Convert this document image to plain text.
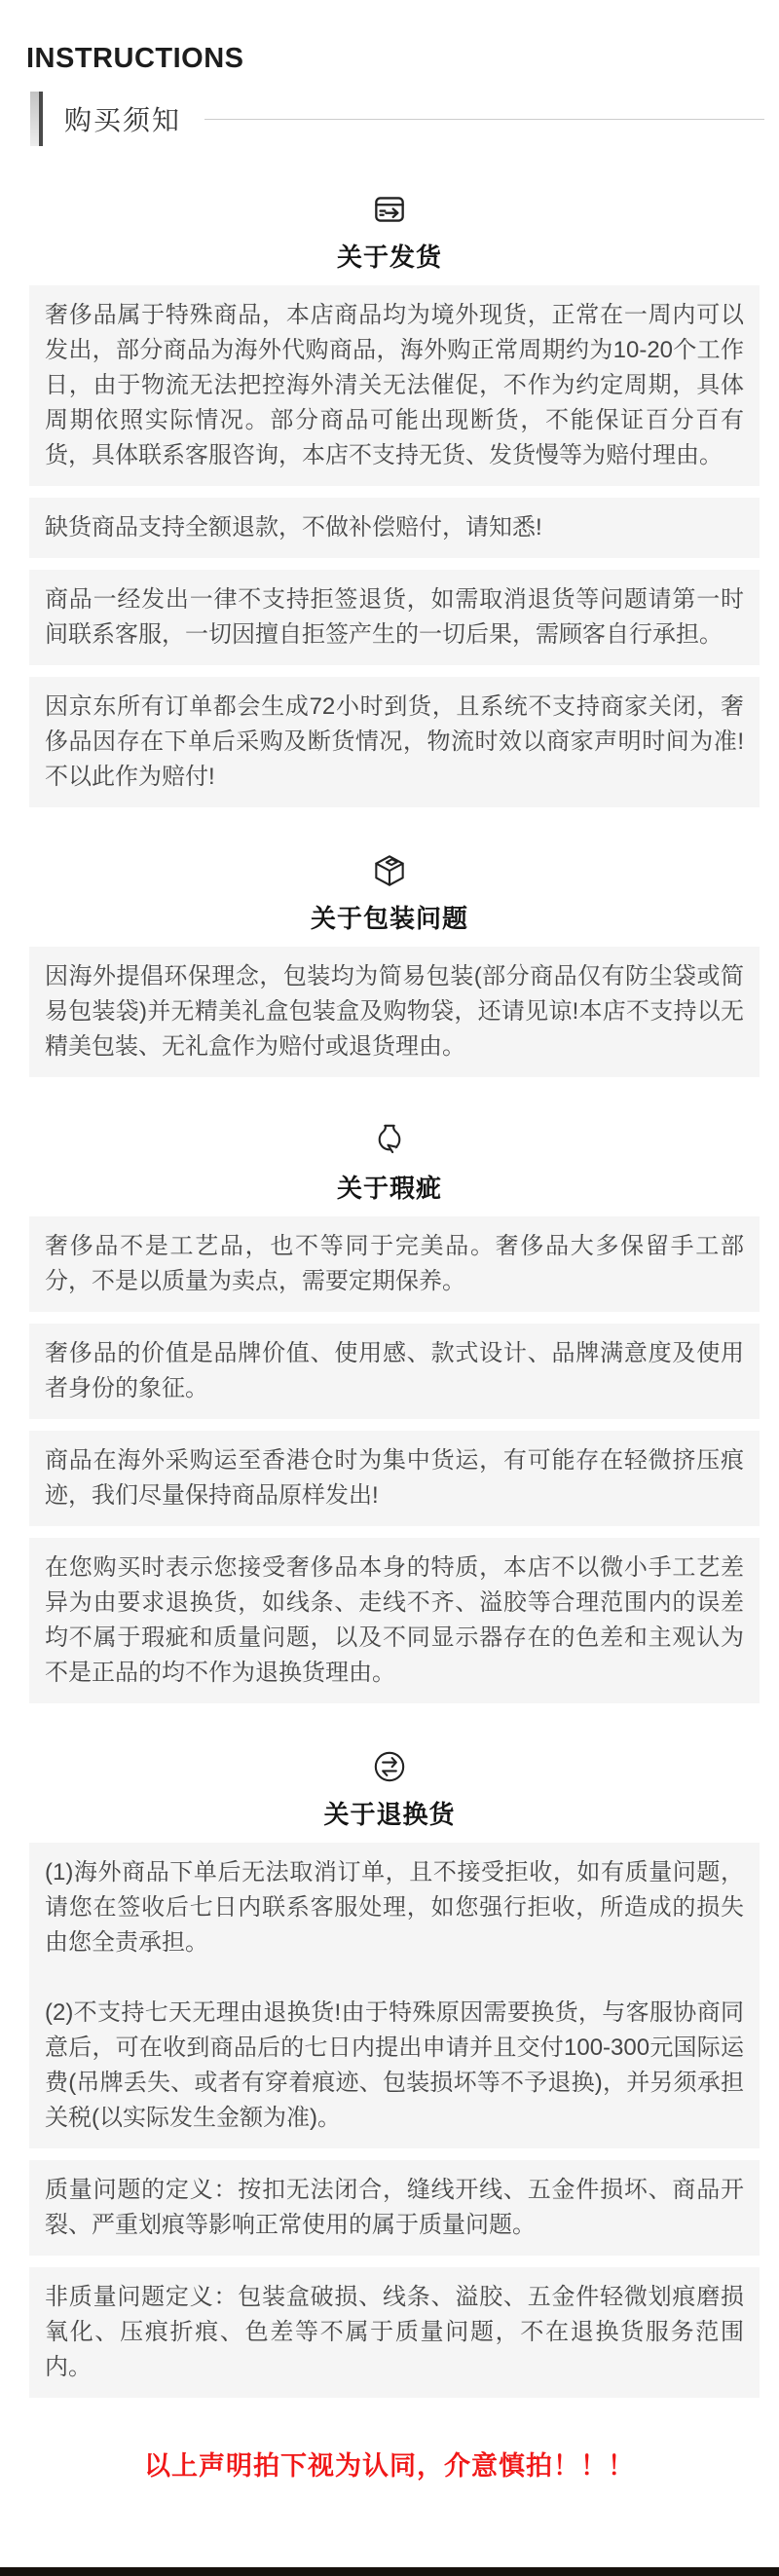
INSTRUCTIONS
购买须知
关于发货

奢侈品属于特殊商品，本店商品均为境外现货，正常在一周内可以发出，部分商品为海外代购商品，海外购正常周期约为10-20个工作日，由于物流无法把控海外清关无法催促，不作为约定周期，具体周期依照实际情况。部分商品可能出现断货，不能保证百分百有货，具体联系客服咨询，本店不支持无货、发货慢等为赔付理由。

缺货商品支持全额退款，不做补偿赔付，请知悉!

商品一经发出一律不支持拒签退货，如需取消退货等问题请第一时间联系客服，一切因擅自拒签产生的一切后果，需顾客自行承担。

因京东所有订单都会生成72小时到货，且系统不支持商家关闭，奢侈品因存在下单后采购及断货情况，物流时效以商家声明时间为准!不以此作为赔付!

关于包装问题

因海外提倡环保理念，包装均为简易包装(部分商品仅有防尘袋或简易包装袋)并无精美礼盒包装盒及购物袋，还请见谅!本店不支持以无精美包装、无礼盒作为赔付或退货理由。

关于瑕疵

奢侈品不是工艺品，也不等同于完美品。奢侈品大多保留手工部分，不是以质量为卖点，需要定期保养。

奢侈品的价值是品牌价值、使用感、款式设计、品牌满意度及使用者身份的象征。

商品在海外采购运至香港仓时为集中货运，有可能存在轻微挤压痕迹，我们尽量保持商品原样发出!

在您购买时表示您接受奢侈品本身的特质，本店不以微小手工艺差异为由要求退换货，如线条、走线不齐、溢胶等合理范围内的误差均不属于瑕疵和质量问题，以及不同显示器存在的色差和主观认为不是正品的均不作为退换货理由。

关于退换货

(1)海外商品下单后无法取消订单，且不接受拒收，如有质量问题，请您在签收后七日内联系客服处理，如您强行拒收，所造成的损失由您全责承担。

(2)不支持七天无理由退换货!由于特殊原因需要换货，与客服协商同意后，可在收到商品后的七日内提出申请并且交付100-300元国际运费(吊牌丢失、或者有穿着痕迹、包装损坏等不予退换)，并另须承担关税(以实际发生金额为准)。

质量问题的定义：按扣无法闭合，缝线开线、五金件损坏、商品开裂、严重划痕等影响正常使用的属于质量问题。

非质量问题定义：包装盒破损、线条、溢胶、五金件轻微划痕磨损氧化、压痕折痕、色差等不属于质量问题，不在退换货服务范围内。

以上声明拍下视为认同，介意慎拍！！！
